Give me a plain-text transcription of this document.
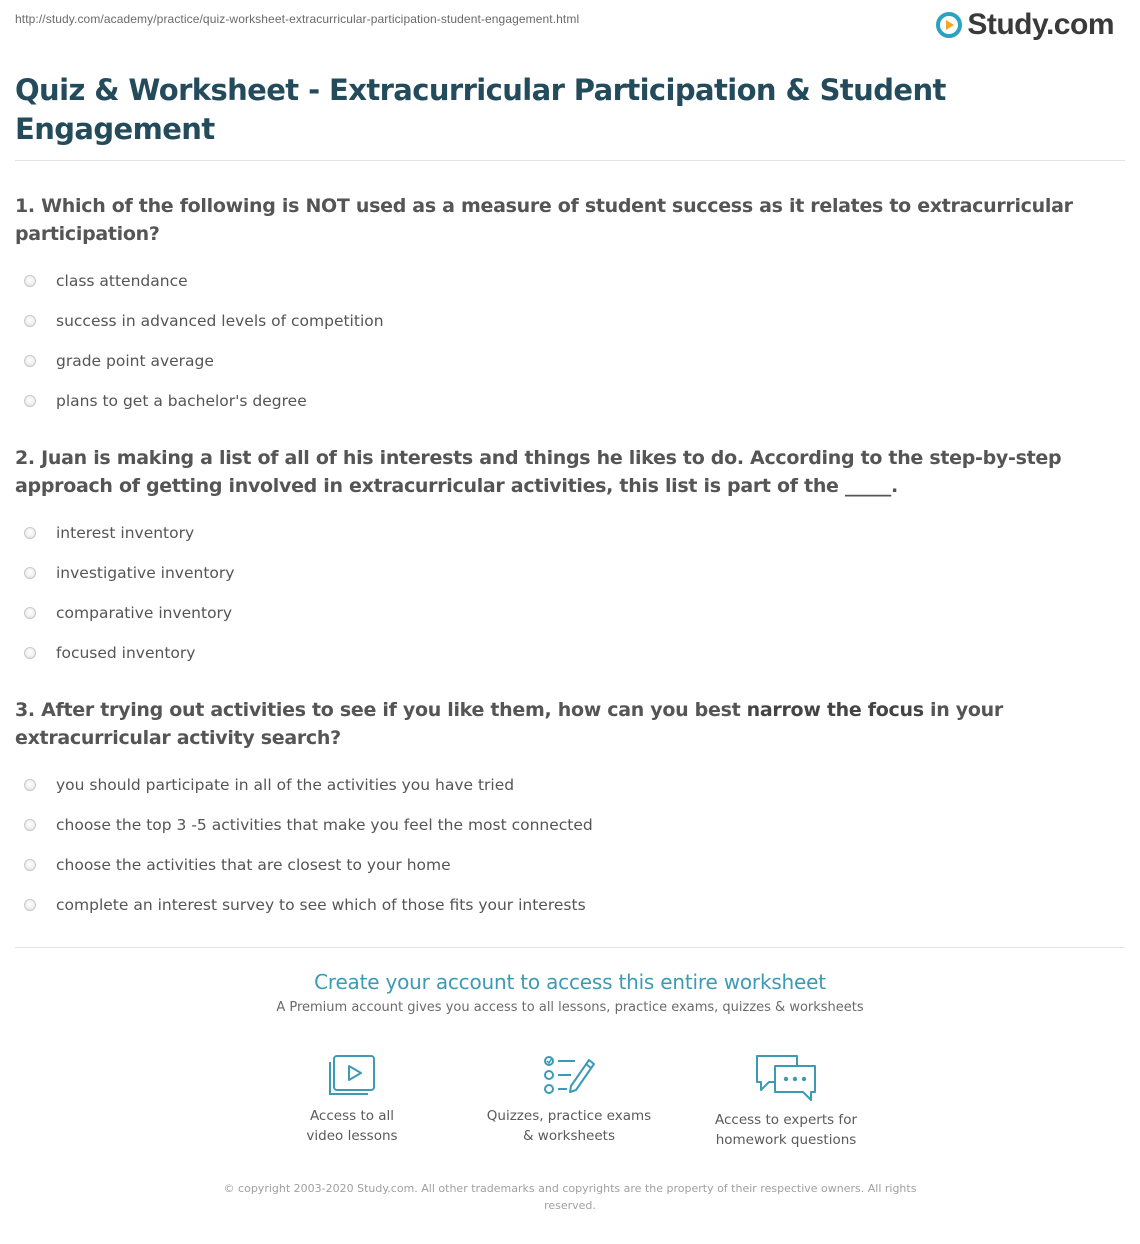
http://study.com/academy/practice/quiz-worksheet-extracurricular-participation-student-engagement.html	Study.com
Quiz & Worksheet - Extracurricular Participation & Student Engagement
1. Which of the following is NOT used as a measure of student success as it relates to extracurricular participation?
class attendance
success in advanced levels of competition
grade point average
plans to get a bachelor's degree
2. Juan is making a list of all of his interests and things he likes to do. According to the step-by-step approach of getting involved in extracurricular activities, this list is part of the _____.
interest inventory
investigative inventory
comparative inventory
focused inventory
3. After trying out activities to see if you like them, how can you best narrow the focus in your extracurricular activity search?
you should participate in all of the activities you have tried
choose the top 3 -5 activities that make you feel the most connected
choose the activities that are closest to your home
complete an interest survey to see which of those fits your interests
Create your account to access this entire worksheet
A Premium account gives you access to all lessons, practice exams, quizzes & worksheets
Access to all
video lessons
Quizzes, practice exams
& worksheets
Access to experts for
homework questions
© copyright 2003-2020 Study.com. All other trademarks and copyrights are the property of their respective owners. All rights reserved.
